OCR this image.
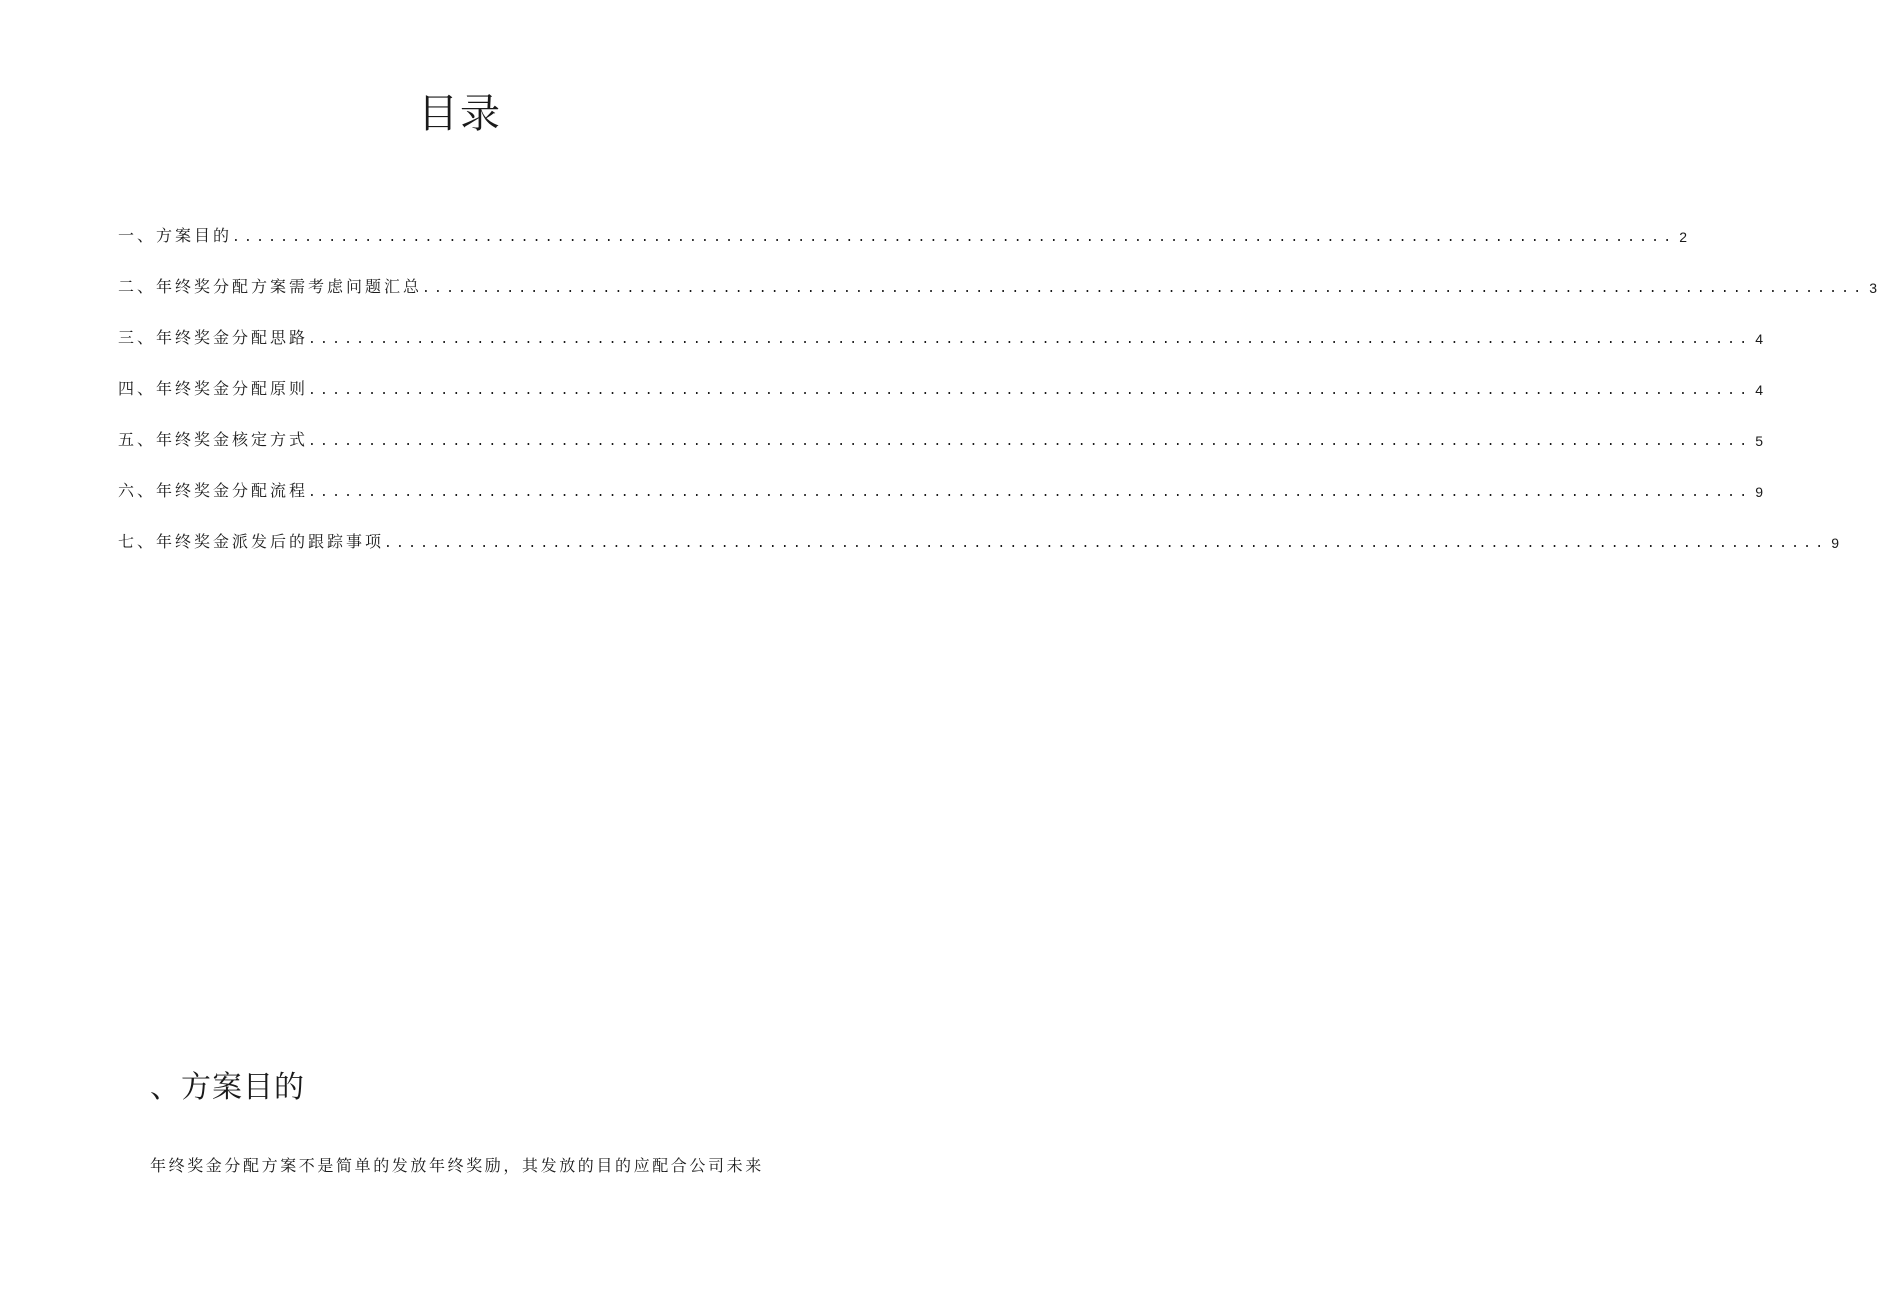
目录
一、方案目的 ........................................................................................................................ 2
二、年终奖分配方案需考虑问题汇总 ........................................................................................................................ 3
三、年终奖金分配思路 ........................................................................................................................ 4
四、年终奖金分配原则 ........................................................................................................................ 4
五、年终奖金核定方式 ........................................................................................................................ 5
六、年终奖金分配流程 ........................................................................................................................ 9
七、年终奖金派发后的跟踪事项 ........................................................................................................................ 9
、方案目的
年终奖金分配方案不是简单的发放年终奖励，其发放的目的应配合公司未来
